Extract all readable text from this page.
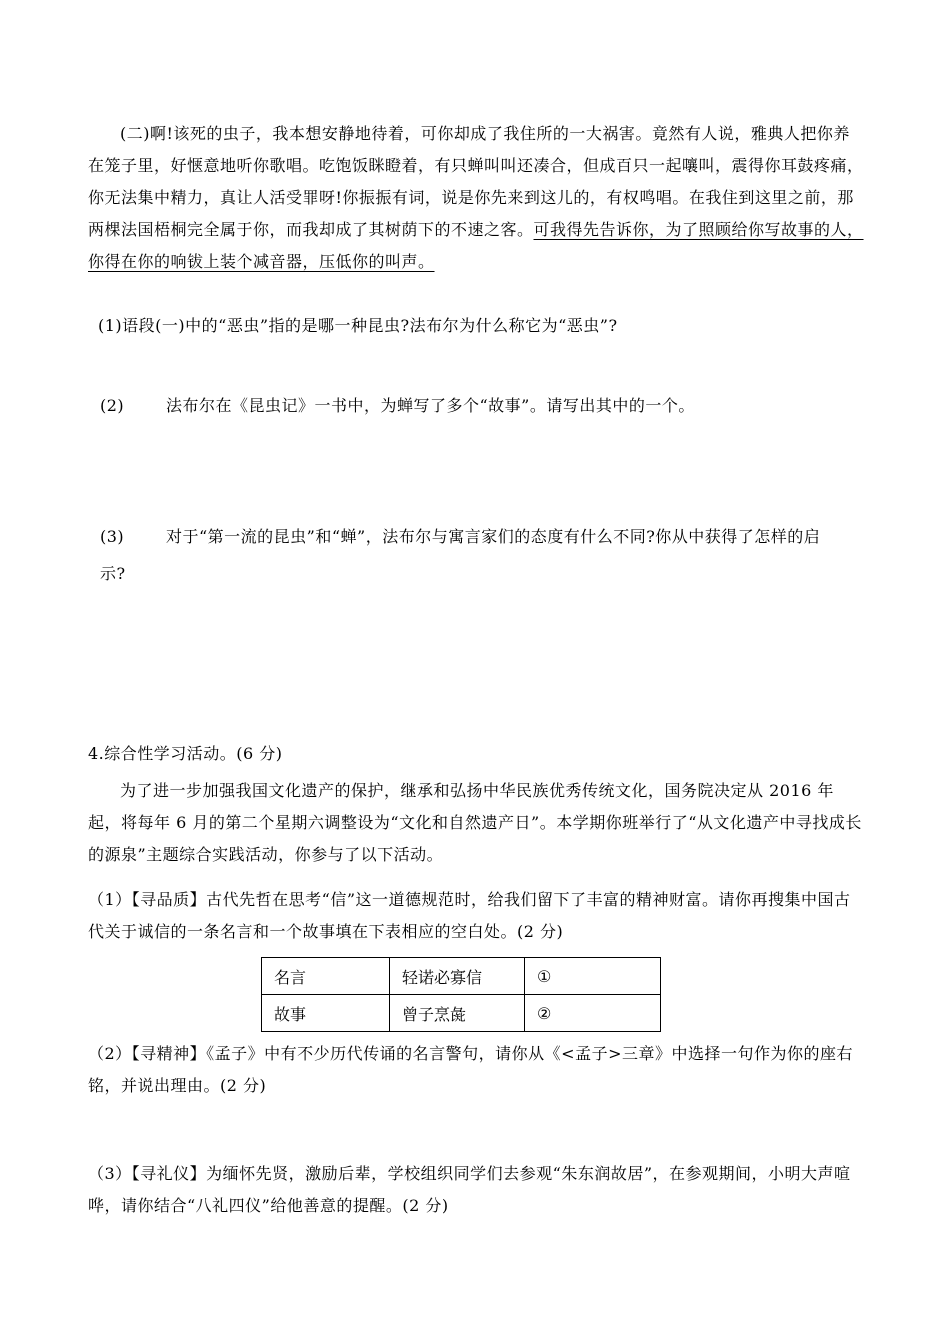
(二)啊!该死的虫子，我本想安静地待着，可你却成了我住所的一大祸害。竟然有人说，雅典人把你养在笼子里，好惬意地听你歌唱。吃饱饭眯瞪着，有只蝉叫叫还凑合，但成百只一起嚷叫，震得你耳鼓疼痛，你无法集中精力，真让人活受罪呀!你振振有词，说是你先来到这儿的，有权鸣唱。在我住到这里之前，那两棵法国梧桐完全属于你，而我却成了其树荫下的不速之客。可我得先告诉你，为了照顾给你写故事的人，你得在你的响钹上装个减音器，压低你的叫声。
(1)语段(一)中的“恶虫”指的是哪一种昆虫?法布尔为什么称它为“恶虫”?
(2)	法布尔在《昆虫记》一书中，为蝉写了多个“故事”。请写出其中的一个。
(3)	对于“第一流的昆虫”和“蝉”，法布尔与寓言家们的态度有什么不同?你从中获得了怎样的启
示?
4.综合性学习活动。(6 分)
为了进一步加强我国文化遗产的保护，继承和弘扬中华民族优秀传统文化，国务院决定从 2016 年起，将每年 6 月的第二个星期六调整设为“文化和自然遗产日”。本学期你班举行了“从文化遗产中寻找成长的源泉”主题综合实践活动，你参与了以下活动。
（1）【寻品质】古代先哲在思考“信”这一道德规范时，给我们留下了丰富的精神财富。请你再搜集中国古代关于诚信的一条名言和一个故事填在下表相应的空白处。(2 分)
名言	轻诺必寡信	①
故事	曾子烹彘	②
（2）【寻精神】《孟子》中有不少历代传诵的名言警句，请你从《<孟子>三章》中选择一句作为你的座右铭，并说出理由。(2 分)
（3）【寻礼仪】为缅怀先贤，激励后辈，学校组织同学们去参观“朱东润故居”，在参观期间，小明大声喧哗，请你结合“八礼四仪”给他善意的提醒。(2 分)
